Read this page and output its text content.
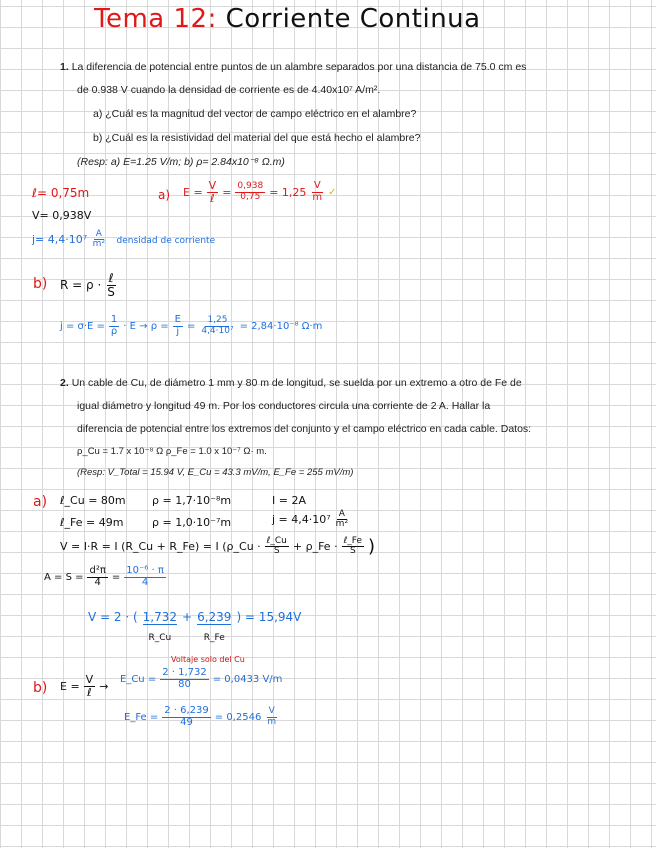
Tema 12: Corriente Continua
1. La diferencia de potencial entre puntos de un alambre separados por una distancia de 75.0 cm es
de 0.938 V cuando la densidad de corriente es de 4.40x10⁷ A/m².
a) ¿Cuál es la magnitud del vector de campo eléctrico en el alambre?
b) ¿Cuál es la resistividad del material del que está hecho el alambre?
(Resp: a) E=1.25 V/m; b) ρ= 2.84x10⁻⁸ Ω.m)
ℓ= 0,75m
V= 0,938V
$j= 4,4\cdot 10^7 \frac{A}{\text{m²}}$ densidad de corriente
a) $E = \frac{V}{\text{ℓ}} = \frac{0,938}{0,75} = 1,25 \frac{V}{m}$ ✓
b) $R = \rho \cdot \frac{\text{ℓ}}{S}$
$j = \sigma\cdot E = \frac{1}{\rho} \cdot E \to \rho = \frac{E}{j} = \frac{1,25}{\text{4,4·10⁷}} = 2,84\cdot 10^{-8}$ Ω·m
2. Un cable de Cu, de diámetro 1 mm y 80 m de longitud, se suelda por un extremo a otro de Fe de
igual diámetro y longitud 49 m. Por los conductores circula una corriente de 2 A. Hallar la
diferencia de potencial entre los extremos del conjunto y el campo eléctrico en cada cable. Datos:
ρ_Cu = 1.7 x 10⁻⁸ Ω ρ_Fe = 1.0 x 10⁻⁷ Ω· m.
(Resp: V_Total = 15.94 V, E_Cu = 43.3 mV/m, E_Fe = 255 mV/m)
a) ℓ_Cu = 80m
ℓ_Fe = 49m
ρ = 1,7·10⁻⁸m
ρ = 1,0·10⁻⁷m
I = 2A
$j = 4,4\cdot 10^7 \frac{A}{\text{m²}}$
V = I·R = I (R_Cu + R_Fe) = I (ρ_Cu · $\frac{\text{ℓ\_Cu}}{S}$ + ρ_Fe · $\frac{\text{ℓ\_Fe}}{S}$ )
$A = S = \frac{\text{d²π}}{4} = \frac{\text{10⁻⁶ · π}}{4}$
V = 2 · ( 1,732
R_Cu
+ 6,239
R_Fe
) = 15,94V
Voltaje solo del Cu
b) $E = \frac{V}{\text{ℓ}}$ →
E_Cu = $\frac{2 \cdot 1,732}{80} = 0,0433$ V/m
E_Fe = $\frac{2 \cdot 6,239}{49} = 0,2546 \frac{V}{m}$
